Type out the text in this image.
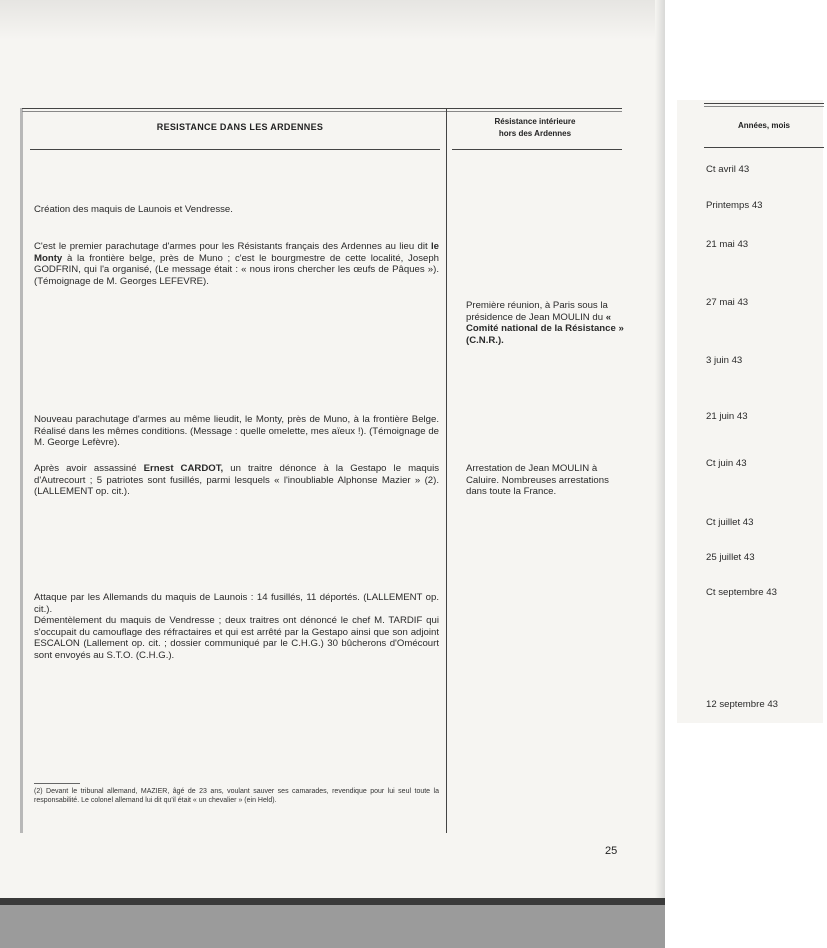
RESISTANCE DANS LES ARDENNES
Résistance intérieure
hors des Ardennes

Création des maquis de Launois et Vendresse.

C'est le premier parachutage d'armes pour les Résistants français des Ardennes au lieu dit le Monty à la frontière belge, près de Muno ; c'est le bourgmestre de cette localité, Joseph GODFRIN, qui l'a organisé, (Le message était : « nous irons chercher les œufs de Pâques »). (Témoignage de M. Georges LEFEVRE).

Nouveau parachutage d'armes au même lieudit, le Monty, près de Muno, à la frontière Belge. Réalisé dans les mêmes conditions. (Message : quelle omelette, mes aïeux !). (Témoignage de M. George Lefèvre).

Après avoir assassiné Ernest CARDOT, un traitre dénonce à la Gestapo le maquis d'Autrecourt ; 5 patriotes sont fusillés, parmi lesquels « l'inoubliable Alphonse Mazier » (2). (LALLEMENT op. cit.).

Attaque par les Allemands du maquis de Launois : 14 fusillés, 11 déportés. (LALLEMENT op. cit.).

Démentèlement du maquis de Vendresse ; deux traitres ont dénoncé le chef M. TARDIF qui s'occupait du camouflage des réfractaires et qui est arrêté par la Gestapo ainsi que son adjoint ESCALON (Lallement op. cit. ; dossier communiqué par le C.H.G.) 30 bûcherons d'Omécourt sont envoyés au S.T.O. (C.H.G.).

Première réunion, à Paris sous la présidence de Jean MOULIN du « Comité national de la Résistance » (C.N.R.).

Arrestation de Jean MOULIN à Caluire. Nombreuses arrestations dans toute la France.

(2) Devant le tribunal allemand, MAZIER, âgé de 23 ans, voulant sauver ses camarades, revendique pour lui seul toute la responsabilité. Le colonel allemand lui dit qu'il était « un chevalier » (ein Held).

25
Années, mois
Ct avril 43
Printemps 43
21 mai 43
27 mai 43
3 juin 43
21 juin 43
Ct juin 43
Ct juillet 43
25 juillet 43
Ct septembre 43
12 septembre 43
